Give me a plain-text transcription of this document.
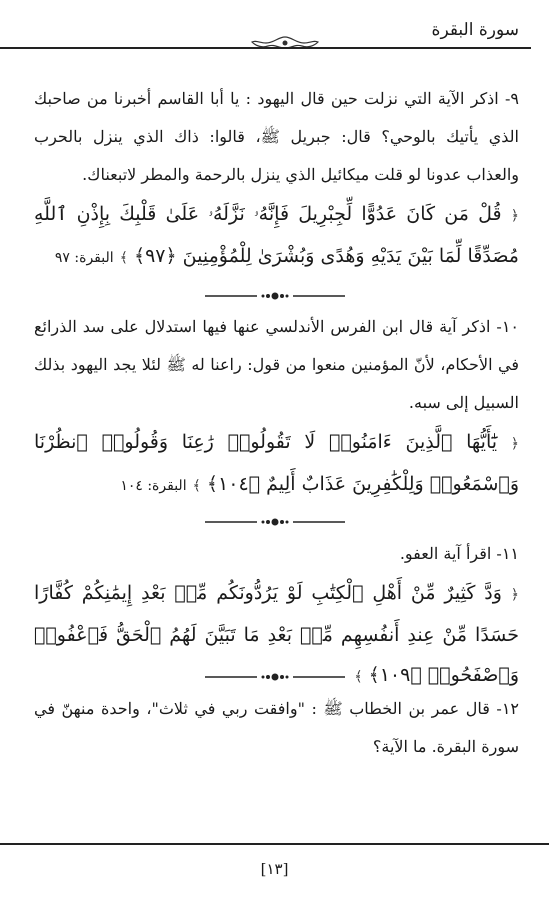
سورة البقرة

٩- اذكر الآية التي نزلت حين قال اليهود : يا أبا القاسم أخبرنا من صاحبك الذي يأتيك بالوحي؟ قال: جبريل ﷺ، قالوا: ذاك الذي ينزل بالحرب والعذاب عدونا لو قلت ميكائيل الذي ينزل بالرحمة والمطر لاتبعناك.

﴿ قُلْ مَن كَانَ عَدُوًّا لِّجِبْرِيلَ فَإِنَّهُۥ نَزَّلَهُۥ عَلَىٰ قَلْبِكَ بِإِذْنِ ٱللَّهِ مُصَدِّقًا لِّمَا بَيْنَ يَدَيْهِ وَهُدًى وَبُشْرَىٰ لِلْمُؤْمِنِينَ ﴿٩٧﴾ ﴾ البقرة: ٩٧

١٠- اذكر آية قال ابن الفرس الأندلسي عنها فيها استدلال على سد الذرائع في الأحكام، لأنّ المؤمنين منعوا من قول: راعنا له ﷺ لئلا يجد اليهود بذلك السبيل إلى سبه.

﴿ يَٰٓأَيُّهَا ٱلَّذِينَ ءَامَنُوا۟ لَا تَقُولُوا۟ رَٰعِنَا وَقُولُوا۟ ٱنظُرْنَا وَٱسْمَعُوا۟ وَلِلْكَٰفِرِينَ عَذَابٌ أَلِيمٌ ﴿١٠٤﴾ ﴾ البقرة: ١٠٤

١١- اقرأ آية العفو.

﴿ وَدَّ كَثِيرٌ مِّنْ أَهْلِ ٱلْكِتَٰبِ لَوْ يَرُدُّونَكُم مِّنۢ بَعْدِ إِيمَٰنِكُمْ كُفَّارًا حَسَدًا مِّنْ عِندِ أَنفُسِهِم مِّنۢ بَعْدِ مَا تَبَيَّنَ لَهُمُ ٱلْحَقُّ فَٱعْفُوا۟ وَٱصْفَحُوا۟ ﴿١٠٩﴾ ﴾

١٢- قال عمر بن الخطاب ﷺ : "وافقت ربي في ثلاث"، واحدة منهنّ في سورة البقرة. ما الآية؟

[١٣]
